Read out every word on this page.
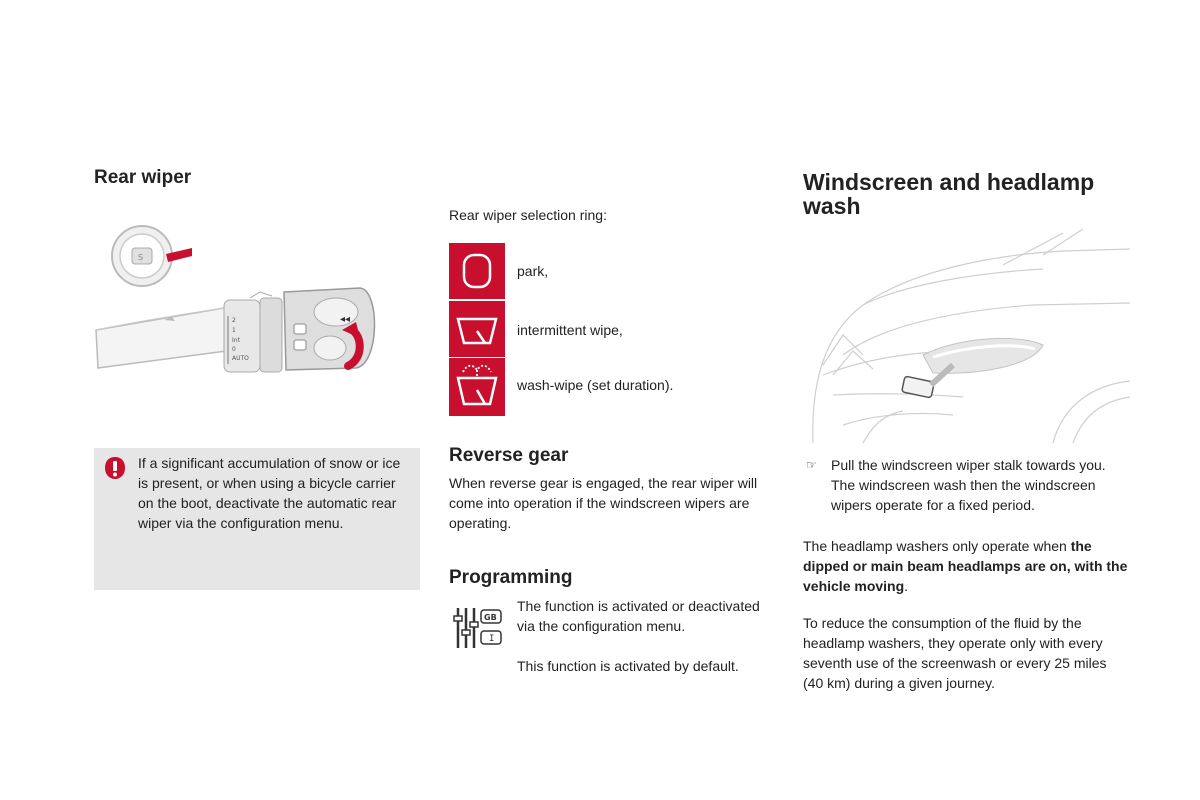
Rear wiper
S
2
1
Int
0
AUTO
◂◂
If a significant accumulation of snow or ice is present, or when using a bicycle carrier on the boot, deactivate the automatic rear wiper via the configuration menu.
Rear wiper selection ring:
park,
intermittent wipe,
wash-wipe (set duration).
Reverse gear
When reverse gear is engaged, the rear wiper will come into operation if the windscreen wipers are operating.
Programming
GB
I
The function is activated or deactivated via the configuration menu.
This function is activated by default.
Windscreen and headlamp wash
☞ Pull the windscreen wiper stalk towards you. The windscreen wash then the windscreen wipers operate for a fixed period.
The headlamp washers only operate when the dipped or main beam headlamps are on, with the vehicle moving.
To reduce the consumption of the fluid by the headlamp washers, they operate only with every seventh use of the screenwash or every 25 miles (40 km) during a given journey.
